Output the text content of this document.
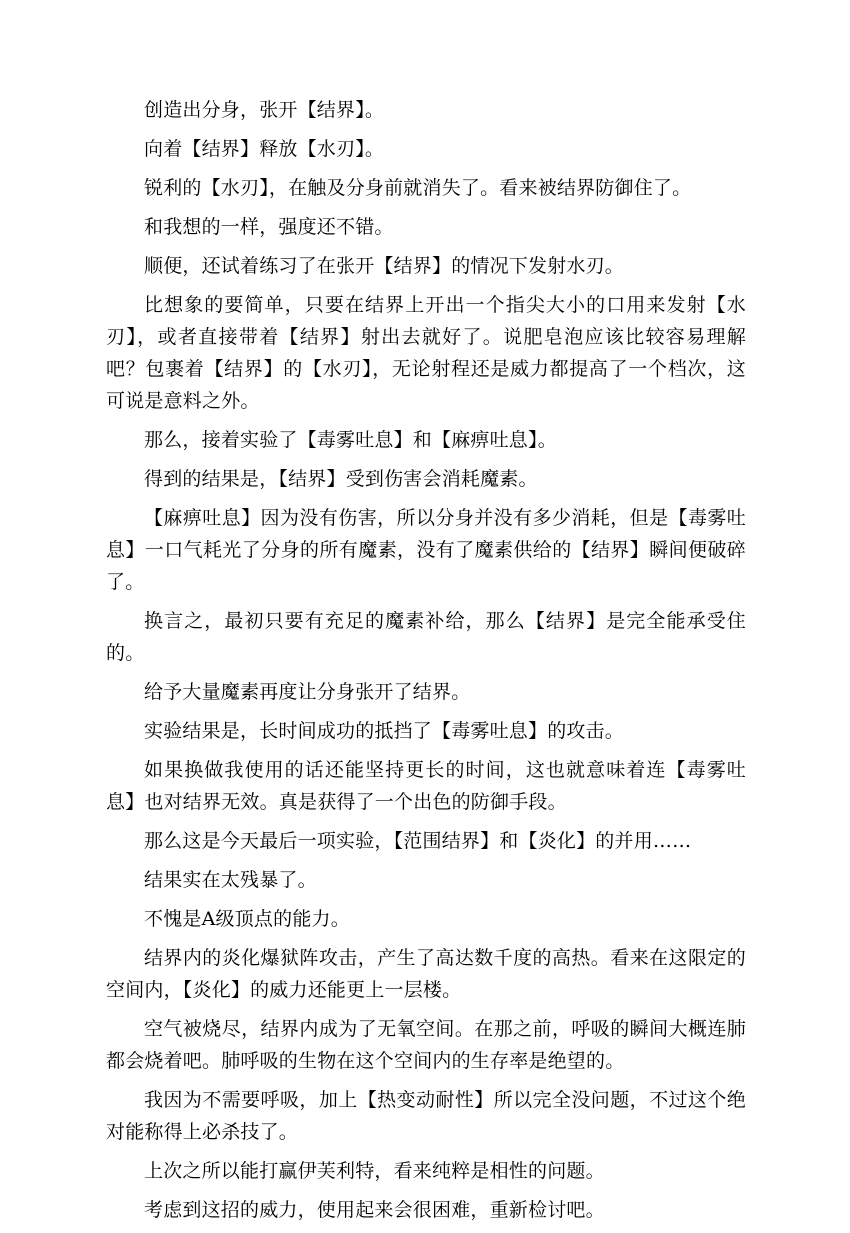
创造出分身，张开【结界】。

向着【结界】释放【水刃】。

锐利的【水刃】，在触及分身前就消失了。看来被结界防御住了。

和我想的一样，强度还不错。

顺便，还试着练习了在张开【结界】的情况下发射水刃。

比想象的要简单，只要在结界上开出一个指尖大小的口用来发射【水刃】，或者直接带着【结界】射出去就好了。说肥皂泡应该比较容易理解吧？包裹着【结界】的【水刃】，无论射程还是威力都提高了一个档次，这可说是意料之外。

那么，接着实验了【毒雾吐息】和【麻痹吐息】。

得到的结果是，【结界】受到伤害会消耗魔素。

【麻痹吐息】因为没有伤害，所以分身并没有多少消耗，但是【毒雾吐息】一口气耗光了分身的所有魔素，没有了魔素供给的【结界】瞬间便破碎了。

换言之，最初只要有充足的魔素补给，那么【结界】是完全能承受住的。

给予大量魔素再度让分身张开了结界。

实验结果是，长时间成功的抵挡了【毒雾吐息】的攻击。

如果换做我使用的话还能坚持更长的时间，这也就意味着连【毒雾吐息】也对结界无效。真是获得了一个出色的防御手段。

那么这是今天最后一项实验，【范围结界】和【炎化】的并用……

结果实在太残暴了。

不愧是A级顶点的能力。

结界内的炎化爆狱阵攻击，产生了高达数千度的高热。看来在这限定的空间内，【炎化】的威力还能更上一层楼。

空气被烧尽，结界内成为了无氧空间。在那之前，呼吸的瞬间大概连肺都会烧着吧。肺呼吸的生物在这个空间内的生存率是绝望的。

我因为不需要呼吸，加上【热变动耐性】所以完全没问题，不过这个绝对能称得上必杀技了。

上次之所以能打赢伊芙利特，看来纯粹是相性的问题。

考虑到这招的威力，使用起来会很困难，重新检讨吧。
